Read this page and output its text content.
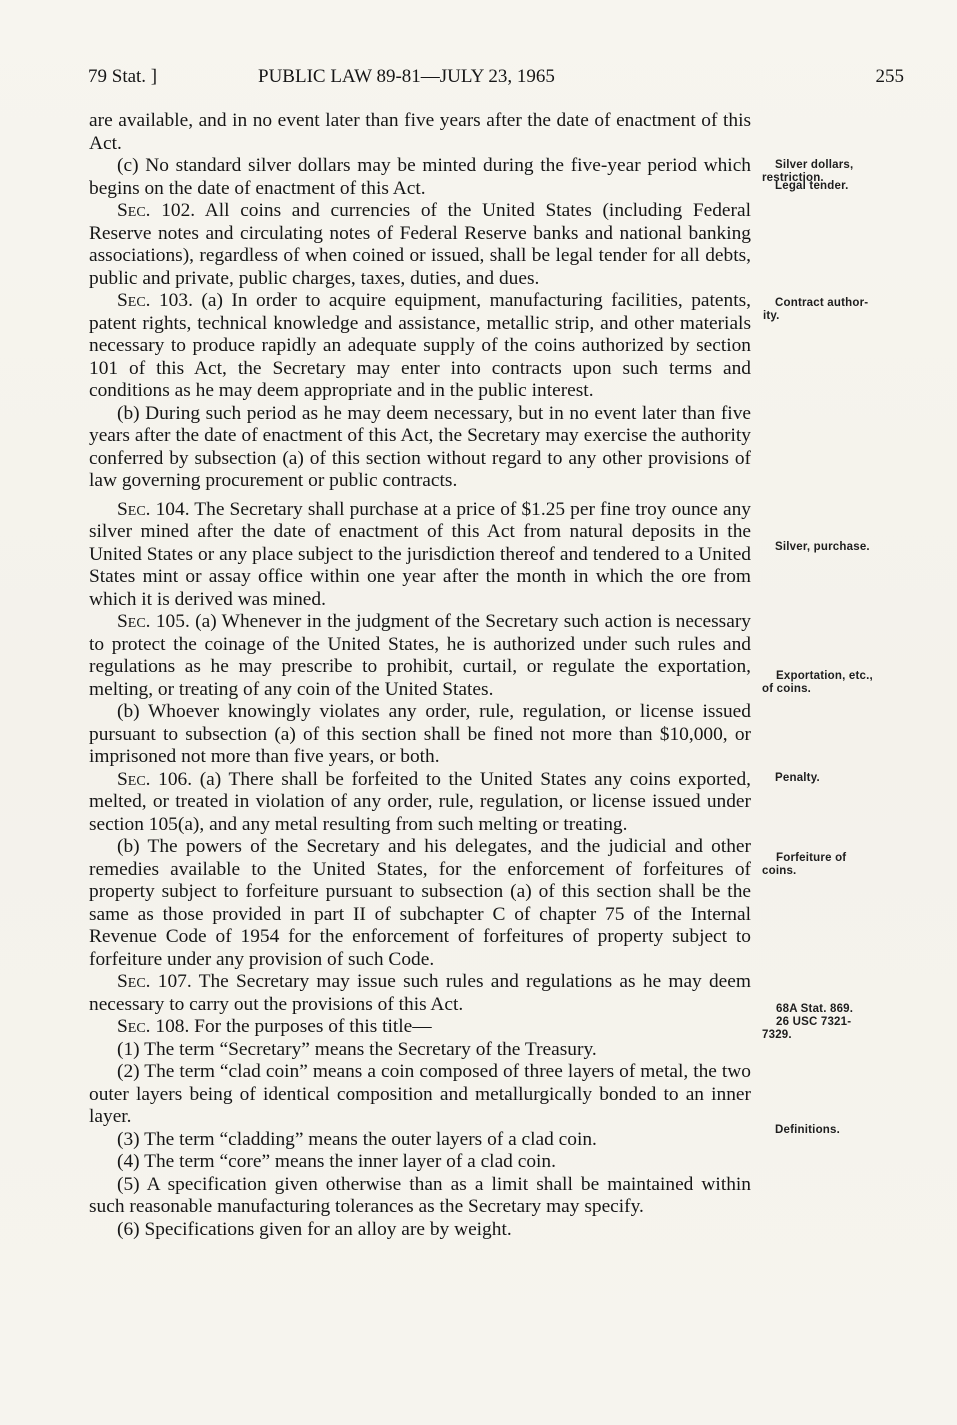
79 Stat. ]	PUBLIC LAW 89-81—JULY 23, 1965	255

are available, and in no event later than five years after the date of enactment of this Act.

(c) No standard silver dollars may be minted during the five-year period which begins on the date of enactment of this Act.

Sec. 102. All coins and currencies of the United States (including Federal Reserve notes and circulating notes of Federal Reserve banks and national banking associations), regardless of when coined or issued, shall be legal tender for all debts, public and private, public charges, taxes, duties, and dues.

Sec. 103. (a) In order to acquire equipment, manufacturing facilities, patents, patent rights, technical knowledge and assistance, metallic strip, and other materials necessary to produce rapidly an adequate supply of the coins authorized by section 101 of this Act, the Secretary may enter into contracts upon such terms and conditions as he may deem appropriate and in the public interest.

(b) During such period as he may deem necessary, but in no event later than five years after the date of enactment of this Act, the Secretary may exercise the authority conferred by subsection (a) of this section without regard to any other provisions of law governing procurement or public contracts.

Sec. 104. The Secretary shall purchase at a price of $1.25 per fine troy ounce any silver mined after the date of enactment of this Act from natural deposits in the United States or any place subject to the jurisdiction thereof and tendered to a United States mint or assay office within one year after the month in which the ore from which it is derived was mined.

Sec. 105. (a) Whenever in the judgment of the Secretary such action is necessary to protect the coinage of the United States, he is authorized under such rules and regulations as he may prescribe to prohibit, curtail, or regulate the exportation, melting, or treating of any coin of the United States.

(b) Whoever knowingly violates any order, rule, regulation, or license issued pursuant to subsection (a) of this section shall be fined not more than $10,000, or imprisoned not more than five years, or both.

Sec. 106. (a) There shall be forfeited to the United States any coins exported, melted, or treated in violation of any order, rule, regulation, or license issued under section 105(a), and any metal resulting from such melting or treating.

(b) The powers of the Secretary and his delegates, and the judicial and other remedies available to the United States, for the enforcement of forfeitures of property subject to forfeiture pursuant to subsection (a) of this section shall be the same as those provided in part II of subchapter C of chapter 75 of the Internal Revenue Code of 1954 for the enforcement of forfeitures of property subject to forfeiture under any provision of such Code.

Sec. 107. The Secretary may issue such rules and regulations as he may deem necessary to carry out the provisions of this Act.

Sec. 108. For the purposes of this title—

(1) The term “Secretary” means the Secretary of the Treasury.

(2) The term “clad coin” means a coin composed of three layers of metal, the two outer layers being of identical composition and metallurgically bonded to an inner layer.

(3) The term “cladding” means the outer layers of a clad coin.

(4) The term “core” means the inner layer of a clad coin.

(5) A specification given otherwise than as a limit shall be maintained within such reasonable manufacturing tolerances as the Secretary may specify.

(6) Specifications given for an alloy are by weight.

Silver dollars,
restriction.
Legal tender.
Contract author-
ity.
Silver, purchase.
Exportation, etc.,
of coins.
Penalty.
Forfeiture of
coins.
68A Stat. 869.
26 USC 7321-
7329.
Definitions.
